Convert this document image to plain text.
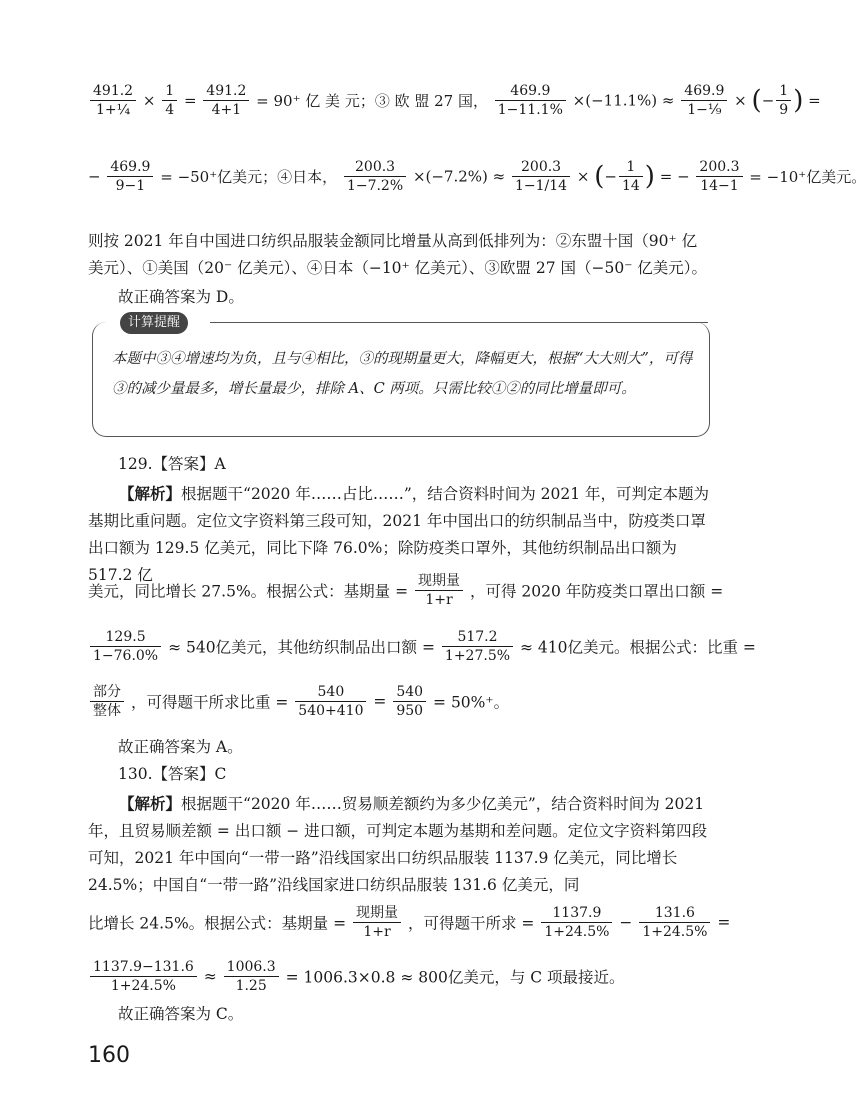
$\frac{491.2}{\text{1+¼}} \times \frac{1}{4} = \frac{491.2}{4+1} = 90^+$ 亿 美 元；③ 欧 盟 27 国， $\frac{469.9}{1-11.1\%} \times(-11.1\%) \approx \frac{469.9}{\text{1−⅑}}$ × (− $\frac{1}{9}$ ) =
− $\frac{469.9}{9-1} = -50^+$亿美元；④日本， $\frac{200.3}{1-7.2\%} \times(-7.2\%) \approx \frac{200.3}{1-1/14}$ × (− $\frac{1}{14}$ ) = − $\frac{200.3}{14-1} = -10^+$亿美元。
则按 2021 年自中国进口纺织品服装金额同比增量从高到低排列为：②东盟十国（90⁺ 亿美元）、①美国（20⁻ 亿美元）、④日本（−10⁺ 亿美元）、③欧盟 27 国（−50⁻ 亿美元）。
故正确答案为 D。
计算提醒
本题中③④增速均为负，且与④相比，③的现期量更大，降幅更大，根据“大大则大”，可得③的减少量最多，增长量最少，排除 A、C 两项。只需比较①②的同比增量即可。
129.【答案】A
【解析】根据题干“2020 年……占比……”，结合资料时间为 2021 年，可判定本题为基期比重问题。定位文字资料第三段可知，2021 年中国出口的纺织制品当中，防疫类口罩出口额为 129.5 亿美元，同比下降 76.0%；除防疫类口罩外，其他纺织制品出口额为 517.2 亿
美元，同比增长 27.5%。根据公式：基期量 = $\frac{\text{现期量}}{1+r}$ ，可得 2020 年防疫类口罩出口额 =
$\frac{129.5}{1-76.0\%} \approx 540$亿美元，其他纺织制品出口额 = $\frac{517.2}{1+27.5\%} \approx 410$亿美元。根据公式：比重 =
$\frac{\text{部分}}{\text{整体}}$ ，可得题干所求比重 = $\frac{540}{540+410} = \frac{540}{950} = 50\%^+$。
故正确答案为 A。
130.【答案】C
【解析】根据题干“2020 年……贸易顺差额约为多少亿美元”，结合资料时间为 2021 年，且贸易顺差额 = 出口额 − 进口额，可判定本题为基期和差问题。定位文字资料第四段可知，2021 年中国向“一带一路”沿线国家出口纺织品服装 1137.9 亿美元，同比增长 24.5%；中国自“一带一路”沿线国家进口纺织品服装 131.6 亿美元，同
比增长 24.5%。根据公式：基期量 = $\frac{\text{现期量}}{1+r}$ ，可得题干所求 = $\frac{1137.9}{1+24.5\%} - \frac{131.6}{1+24.5\%}$ =
$\frac{1137.9-131.6}{1+24.5\%} \approx \frac{1006.3}{1.25} = 1006.3\times 0.8 \approx 800$亿美元，与 C 项最接近。
故正确答案为 C。
160
